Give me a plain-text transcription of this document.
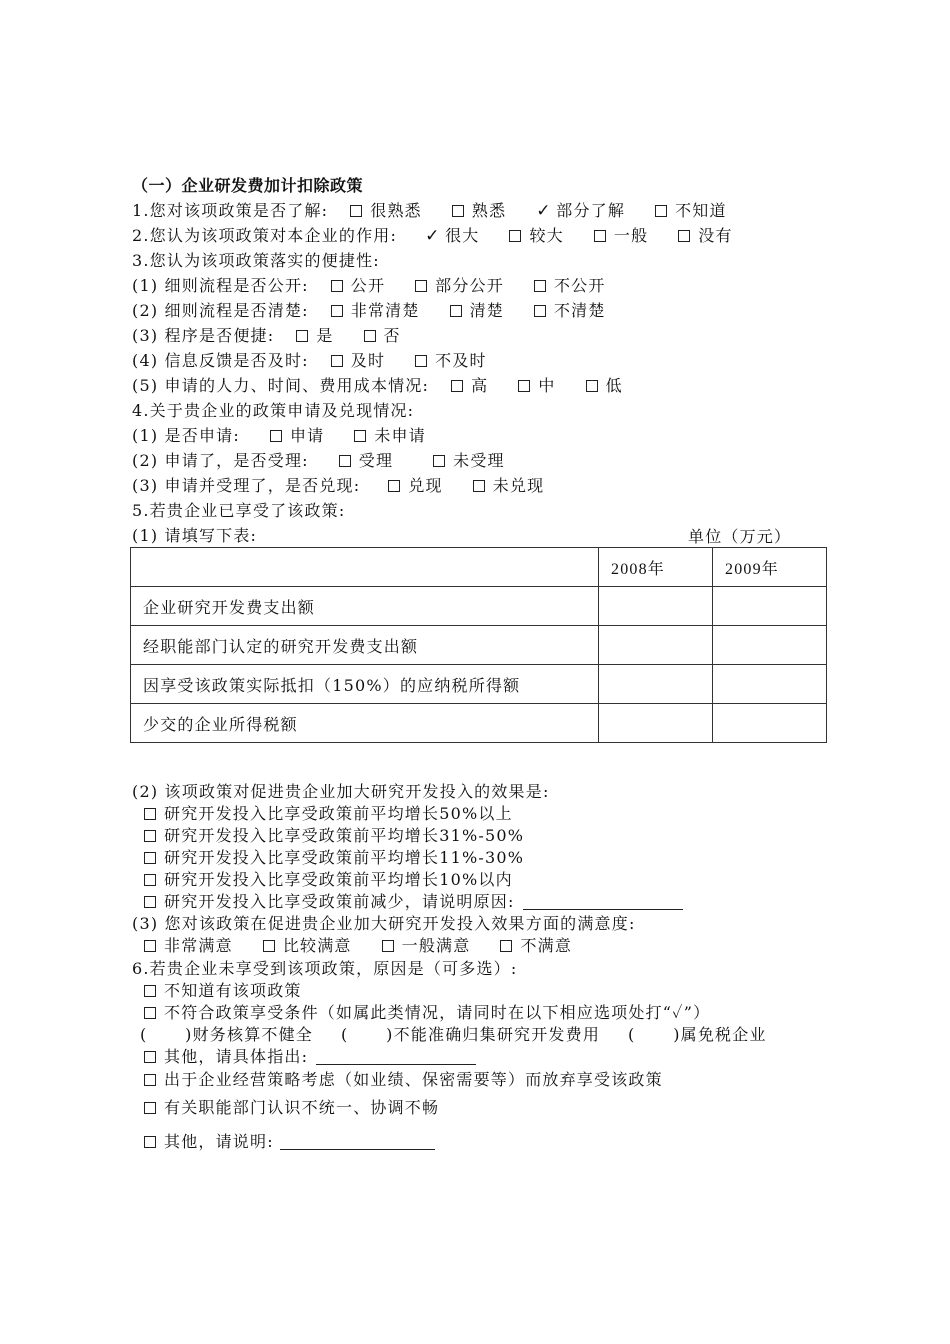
（一）企业研发费加计扣除政策
1.您对该项政策是否了解:	很熟悉	熟悉 ✓ 部分了解	不知道
2.您认为该项政策对本企业的作用: ✓ 很大	较大	一般	没有
3.您认为该项政策落实的便捷性:
(1) 细则流程是否公开:	公开	部分公开	不公开
(2) 细则流程是否清楚:	非常清楚	清楚	不清楚
(3) 程序是否便捷:	是	否
(4) 信息反馈是否及时:	及时	不及时
(5) 申请的人力、时间、费用成本情况:	高	中	低
4.关于贵企业的政策申请及兑现情况:
(1) 是否申请:	申请	未申请
(2) 申请了，是否受理:	受理	未受理
(3) 申请并受理了，是否兑现:	兑现	未兑现
5.若贵企业已享受了该政策:
(1) 请填写下表:	单位（万元）
	2008年	2009年
企业研究开发费支出额		
经职能部门认定的研究开发费支出额		
因享受该政策实际抵扣（150%）的应纳税所得额		
少交的企业所得税额		
(2) 该项政策对促进贵企业加大研究开发投入的效果是:
研究开发投入比享受政策前平均增长50%以上
研究开发投入比享受政策前平均增长31%-50%
研究开发投入比享受政策前平均增长11%-30%
研究开发投入比享受政策前平均增长10%以内
研究开发投入比享受政策前减少，请说明原因:
(3) 您对该政策在促进贵企业加大研究开发投入效果方面的满意度:
非常满意	比较满意	一般满意	不满意
6.若贵企业未享受到该项政策，原因是（可多选）:
不知道有该项政策
不符合政策享受条件（如属此类情况，请同时在以下相应选项处打“✓”）
(      )财务核算不健全 (      )不能准确归集研究开发费用 (      )属免税企业
其他，请具体指出:
出于企业经营策略考虑（如业绩、保密需要等）而放弃享受该政策
有关职能部门认识不统一、协调不畅
其他，请说明:
